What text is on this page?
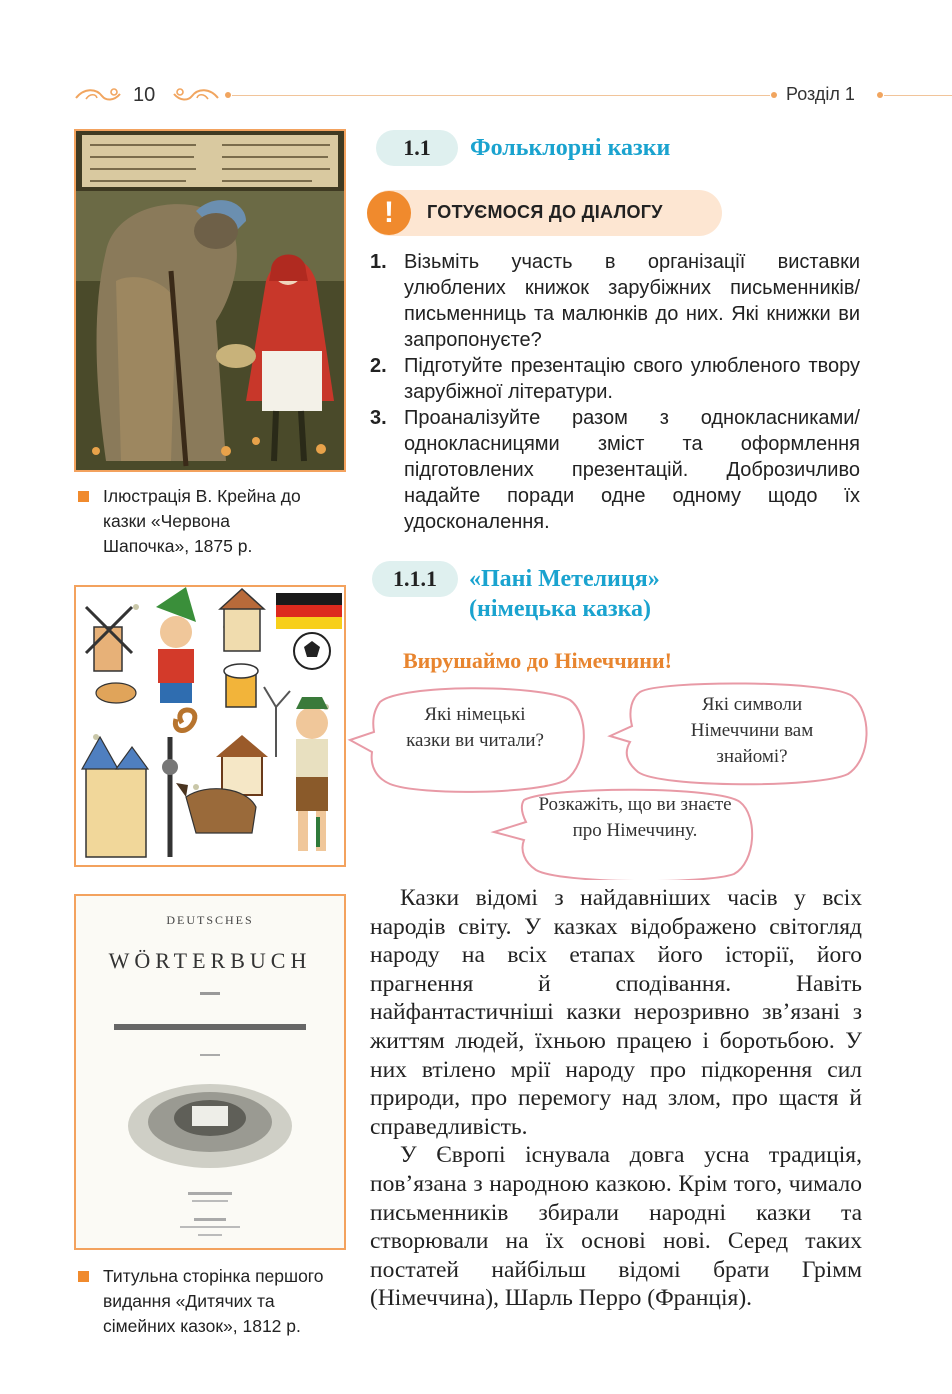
10	Розділ 1
Ілюстрація В. Крейна до казки «Червона Шапочка», 1875 р.
DEUTSCHES
WÖRTERBUCH
Титульна сторінка першого видання «Дитячих та сімейних казок», 1812 р.
1.1	Фольклорні казки
!	ГОТУЄМОСЯ ДО ДІАЛОГУ
1. Візьміть участь в організації виставки улюблених книжок зарубіжних письменників/письменниць та малюнків до них. Які книжки ви запропонуєте?
2. Підготуйте презентацію свого улюбленого твору зарубіжної літератури.
3. Проаналізуйте разом з однокласниками/однокласницями зміст та оформлення підготовлених презентацій. Доброзичливо надайте поради одне одному щодо їх удосконалення.
1.1.1	«Пані Метелиця»
(німецька казка)
Вирушаймо до Німеччини!
Які німецькі казки ви читали?
Які символи Німеччини вам знайомі?
Розкажіть, що ви знаєте про Німеччину.

Казки відомі з найдавніших часів у всіх народів світу. У казках відображено світогляд народу на всіх етапах його історії, його прагнення й сподівання. Навіть найфантастичніші казки нерозривно зв’язані з життям людей, їхньою працею і боротьбою. У них втілено мрії народу про підкорення сил природи, про перемогу над злом, про щастя й справедливість.

У Європі існувала довга усна традиція, пов’язана з народною казкою. Крім того, чимало письменників збирали народні казки та створювали на їх основі нові. Серед таких постатей найбільш відомі брати Грімм (Німеччина), Шарль Перро (Франція).
